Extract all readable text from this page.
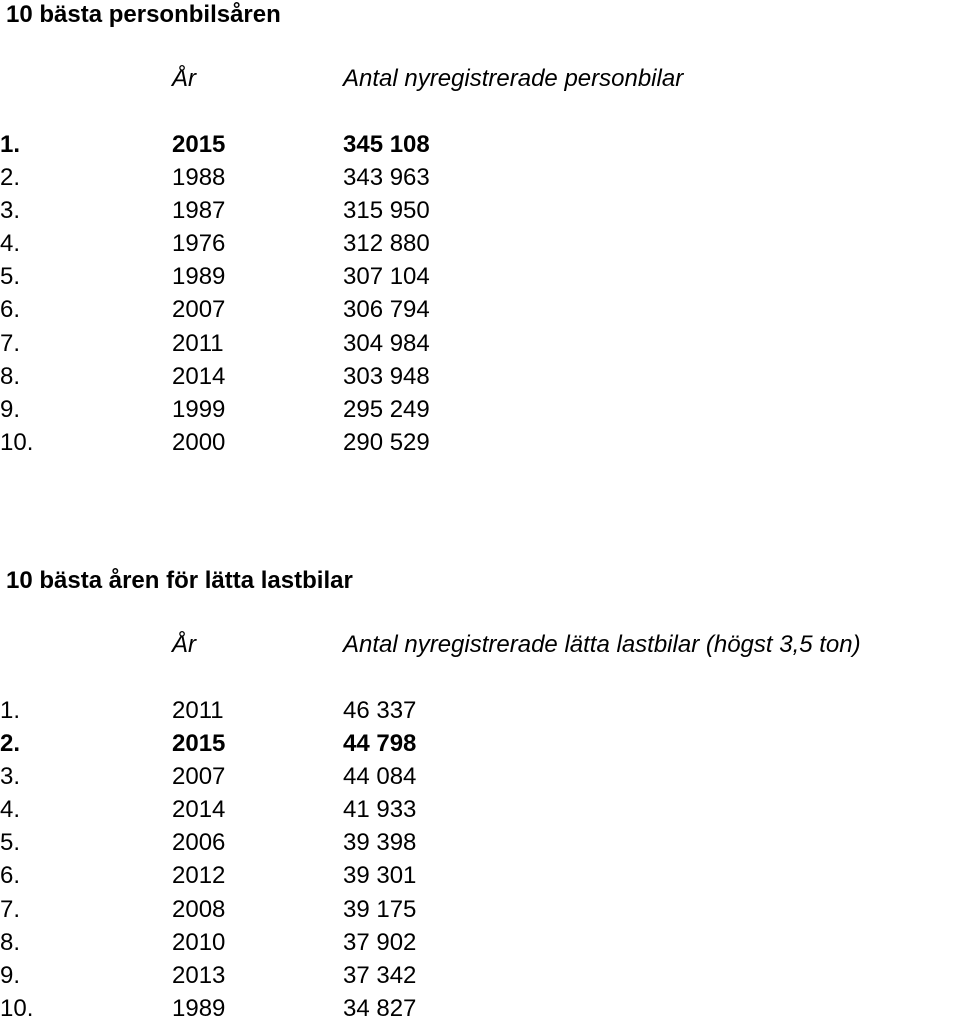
10 bästa personbilsåren
År	Antal nyregistrerade personbilar
1.	2015	345 108
2.	1988	343 963
3.	1987	315 950
4.	1976	312 880
5.	1989	307 104
6.	2007	306 794
7.	2011	304 984
8.	2014	303 948
9.	1999	295 249
10.	2000	290 529
10 bästa åren för lätta lastbilar
År	Antal nyregistrerade lätta lastbilar (högst 3,5 ton)
1.	2011	46 337
2.	2015	44 798
3.	2007	44 084
4.	2014	41 933
5.	2006	39 398
6.	2012	39 301
7.	2008	39 175
8.	2010	37 902
9.	2013	37 342
10.	1989	34 827
